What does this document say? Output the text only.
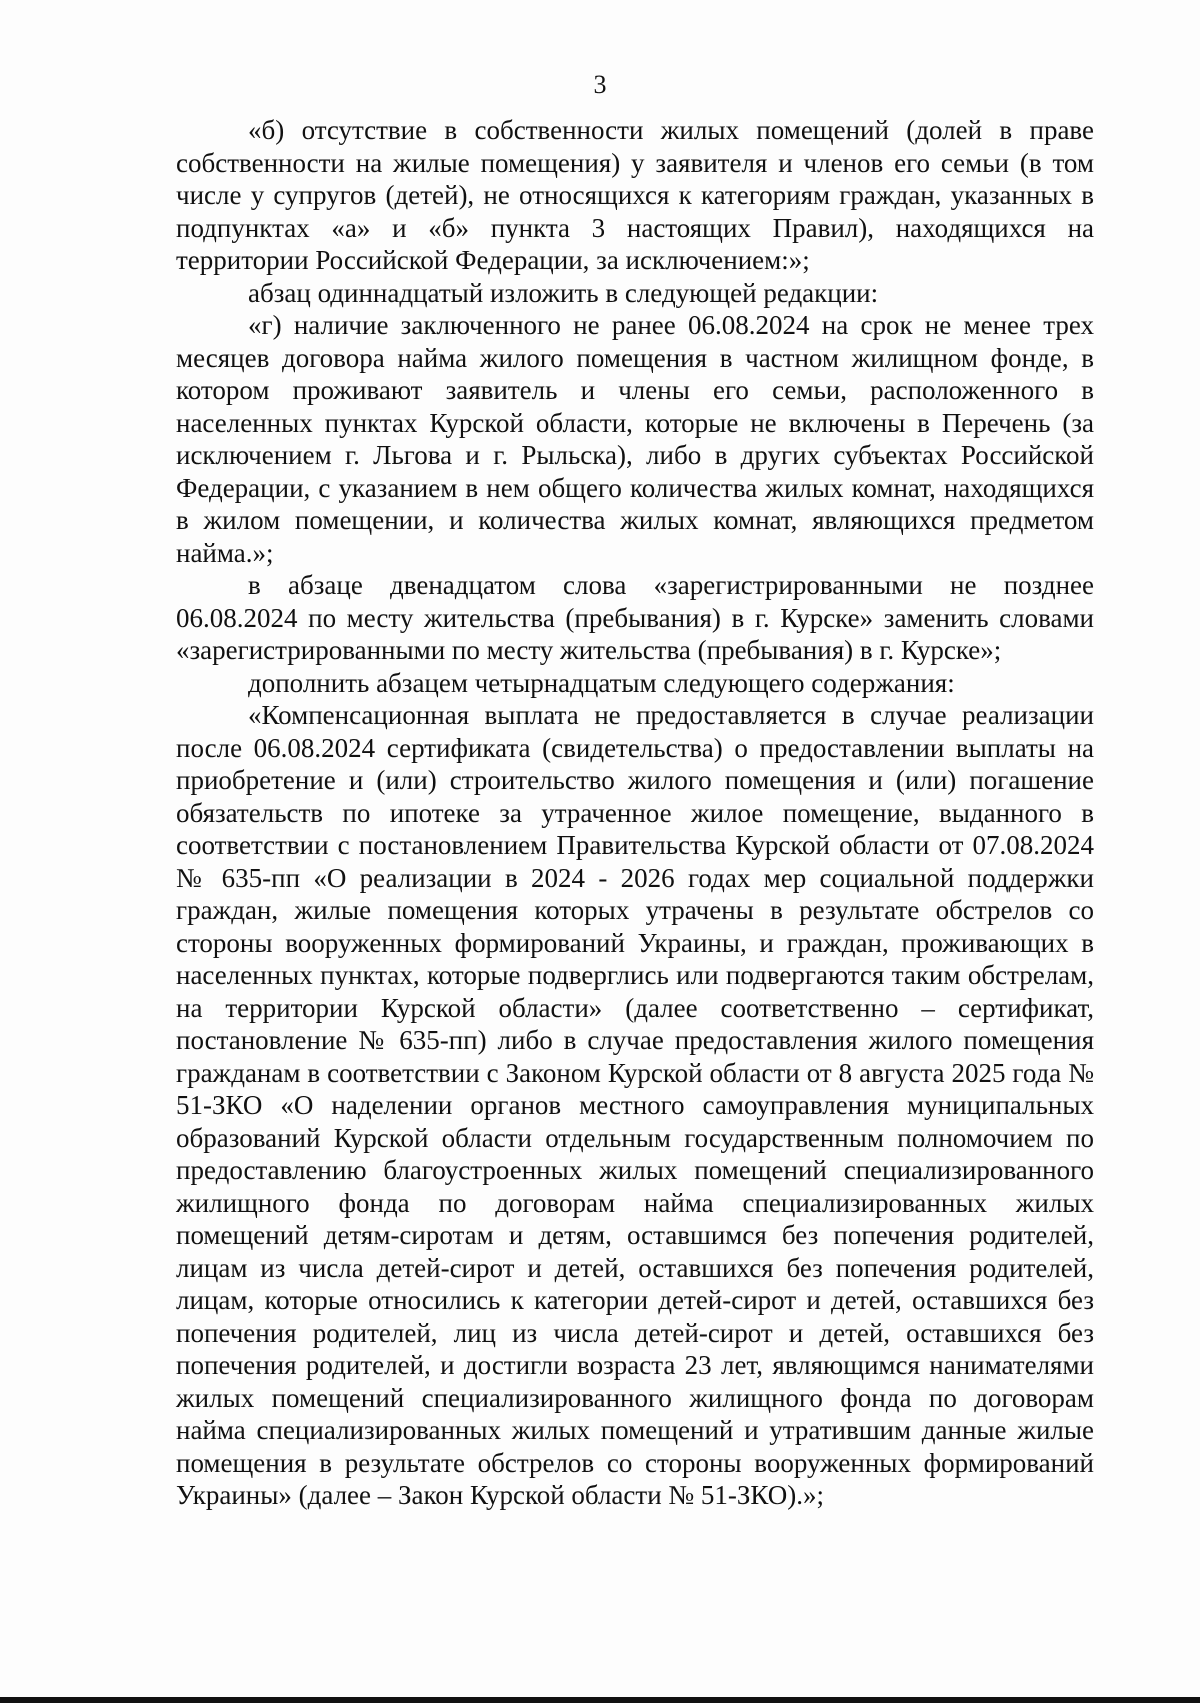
3

«б) отсутствие в собственности жилых помещений (долей в праве собственности на жилые помещения) у заявителя и членов его семьи (в том числе у супругов (детей), не относящихся к категориям граждан, указанных в подпунктах «а» и «б» пункта 3 настоящих Правил), находящихся на территории Российской Федерации, за исключением:»;

абзац одиннадцатый изложить в следующей редакции:

«г) наличие заключенного не ранее 06.08.2024 на срок не менее трех месяцев договора найма жилого помещения в частном жилищном фонде, в котором проживают заявитель и члены его семьи, расположенного в населенных пунктах Курской области, которые не включены в Перечень (за исключением г. Льгова и г. Рыльска), либо в других субъектах Российской Федерации, с указанием в нем общего количества жилых комнат, находящихся в жилом помещении, и количества жилых комнат, являющихся предметом найма.»;

в абзаце двенадцатом слова «зарегистрированными не позднее 06.08.2024 по месту жительства (пребывания) в г. Курске» заменить словами «зарегистрированными по месту жительства (пребывания) в г. Курске»;

дополнить абзацем четырнадцатым следующего содержания:

«Компенсационная выплата не предоставляется в случае реализации после 06.08.2024 сертификата (свидетельства) о предоставлении выплаты на приобретение и (или) строительство жилого помещения и (или) погашение обязательств по ипотеке за утраченное жилое помещение, выданного в соответствии с постановлением Правительства Курской области от 07.08.2024 № 635-пп «О реализации в 2024 - 2026 годах мер социальной поддержки граждан, жилые помещения которых утрачены в результате обстрелов со стороны вооруженных формирований Украины, и граждан, проживающих в населенных пунктах, которые подверглись или подвергаются таким обстрелам, на территории Курской области» (далее соответственно – сертификат, постановление № 635-пп) либо в случае предоставления жилого помещения гражданам в соответствии с Законом Курской области от 8 августа 2025 года № 51-ЗКО «О наделении органов местного самоуправления муниципальных образований Курской области отдельным государственным полномочием по предоставлению благоустроенных жилых помещений специализированного жилищного фонда по договорам найма специализированных жилых помещений детям-сиротам и детям, оставшимся без попечения родителей, лицам из числа детей-сирот и детей, оставшихся без попечения родителей, лицам, которые относились к категории детей-сирот и детей, оставшихся без попечения родителей, лиц из числа детей-сирот и детей, оставшихся без попечения родителей, и достигли возраста 23 лет, являющимся нанимателями жилых помещений специализированного жилищного фонда по договорам найма специализированных жилых помещений и утратившим данные жилые помещения в результате обстрелов со стороны вооруженных формирований Украины» (далее – Закон Курской области № 51-ЗКО).»;
